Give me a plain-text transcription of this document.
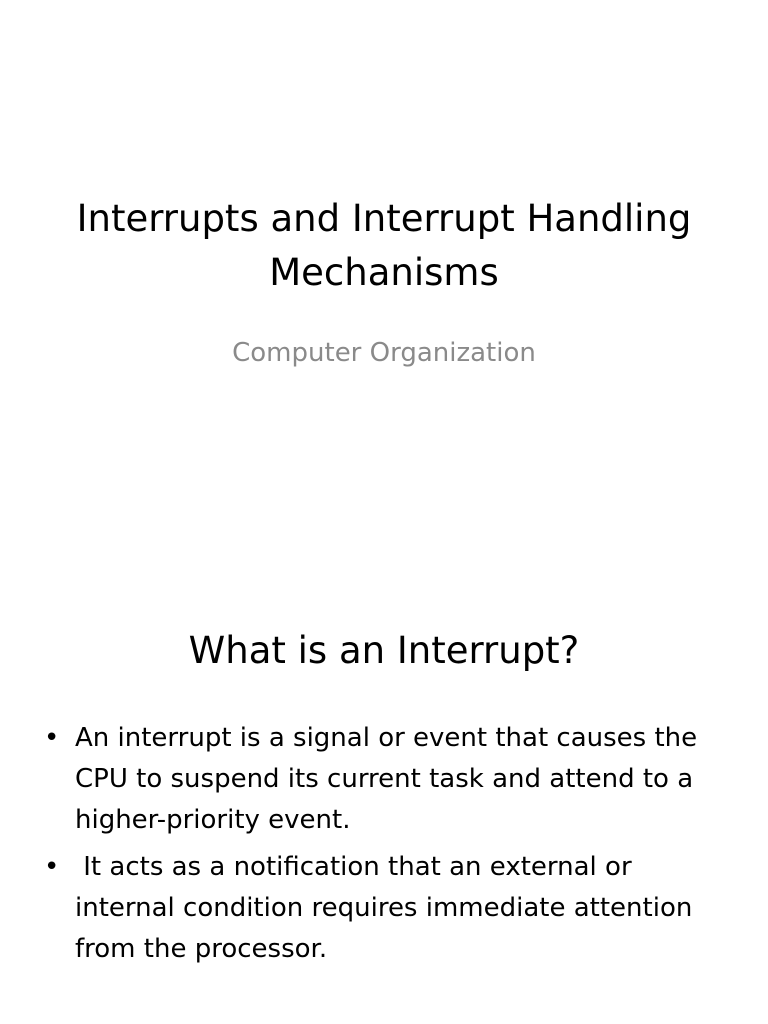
Interrupts and Interrupt Handling Mechanisms

Computer Organization

What is an Interrupt?
• An interrupt is a signal or event that causes the CPU to suspend its current task and attend to a higher-priority event.
• It acts as a notification that an external or internal condition requires immediate attention from the processor.
